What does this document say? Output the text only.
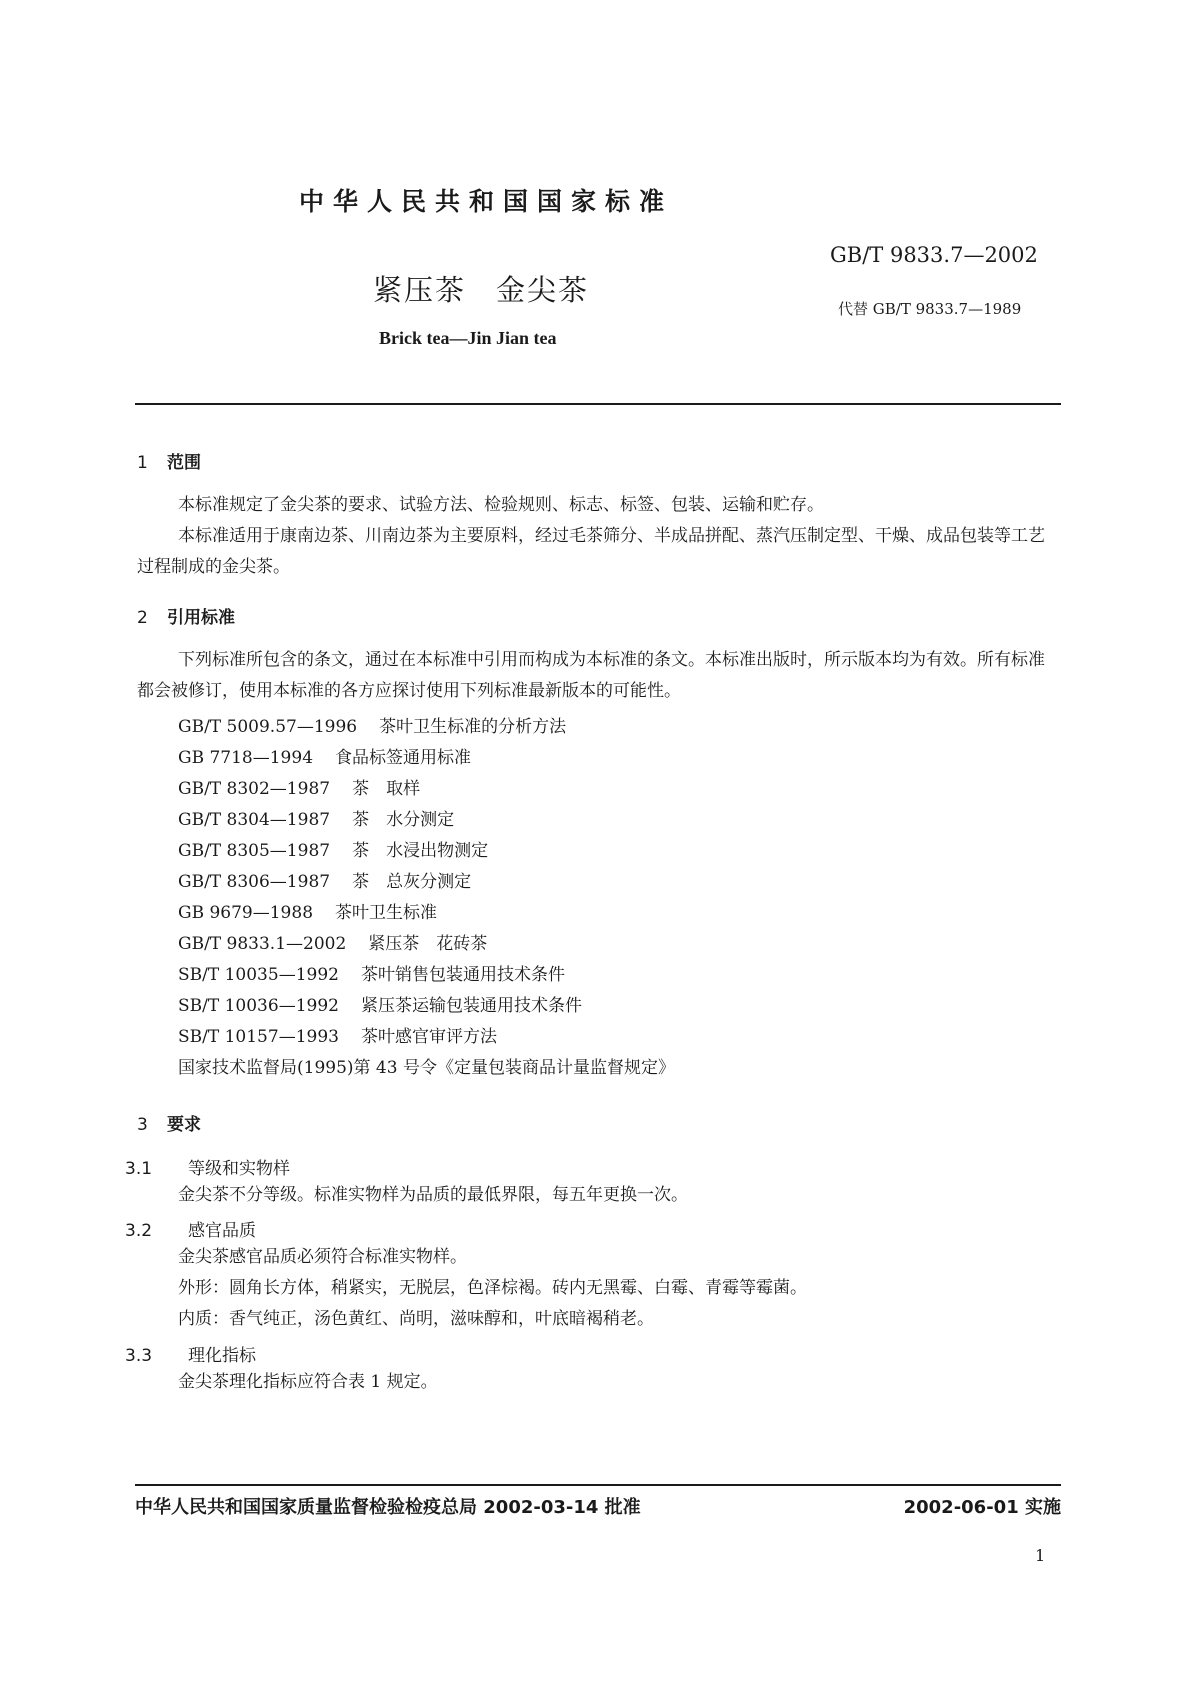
中华人民共和国国家标准
GB/T 9833.7—2002
紧压茶 金尖茶
代替 GB/T 9833.7—1989
Brick tea—Jin Jian tea
1 范围
本标准规定了金尖茶的要求、试验方法、检验规则、标志、标签、包装、运输和贮存。
本标准适用于康南边茶、川南边茶为主要原料，经过毛茶筛分、半成品拼配、蒸汽压制定型、干燥、成品包装等工艺过程制成的金尖茶。
2 引用标准
下列标准所包含的条文，通过在本标准中引用而构成为本标准的条文。本标准出版时，所示版本均为有效。所有标准都会被修订，使用本标准的各方应探讨使用下列标准最新版本的可能性。
GB/T 5009.57—1996 茶叶卫生标准的分析方法
GB 7718—1994 食品标签通用标准
GB/T 8302—1987 茶　取样
GB/T 8304—1987 茶　水分测定
GB/T 8305—1987 茶　水浸出物测定
GB/T 8306—1987 茶　总灰分测定
GB 9679—1988 茶叶卫生标准
GB/T 9833.1—2002 紧压茶　花砖茶
SB/T 10035—1992 茶叶销售包装通用技术条件
SB/T 10036—1992 紧压茶运输包装通用技术条件
SB/T 10157—1993 茶叶感官审评方法
国家技术监督局(1995)第 43 号令《定量包装商品计量监督规定》
3 要求
3.1 等级和实物样
金尖茶不分等级。标准实物样为品质的最低界限，每五年更换一次。
3.2 感官品质
金尖茶感官品质必须符合标准实物样。
外形：圆角长方体，稍紧实，无脱层，色泽棕褐。砖内无黑霉、白霉、青霉等霉菌。
内质：香气纯正，汤色黄红、尚明，滋味醇和，叶底暗褐稍老。
3.3 理化指标
金尖茶理化指标应符合表 1 规定。
中华人民共和国国家质量监督检验检疫总局 2002-03-14 批准	2002-06-01 实施
1
